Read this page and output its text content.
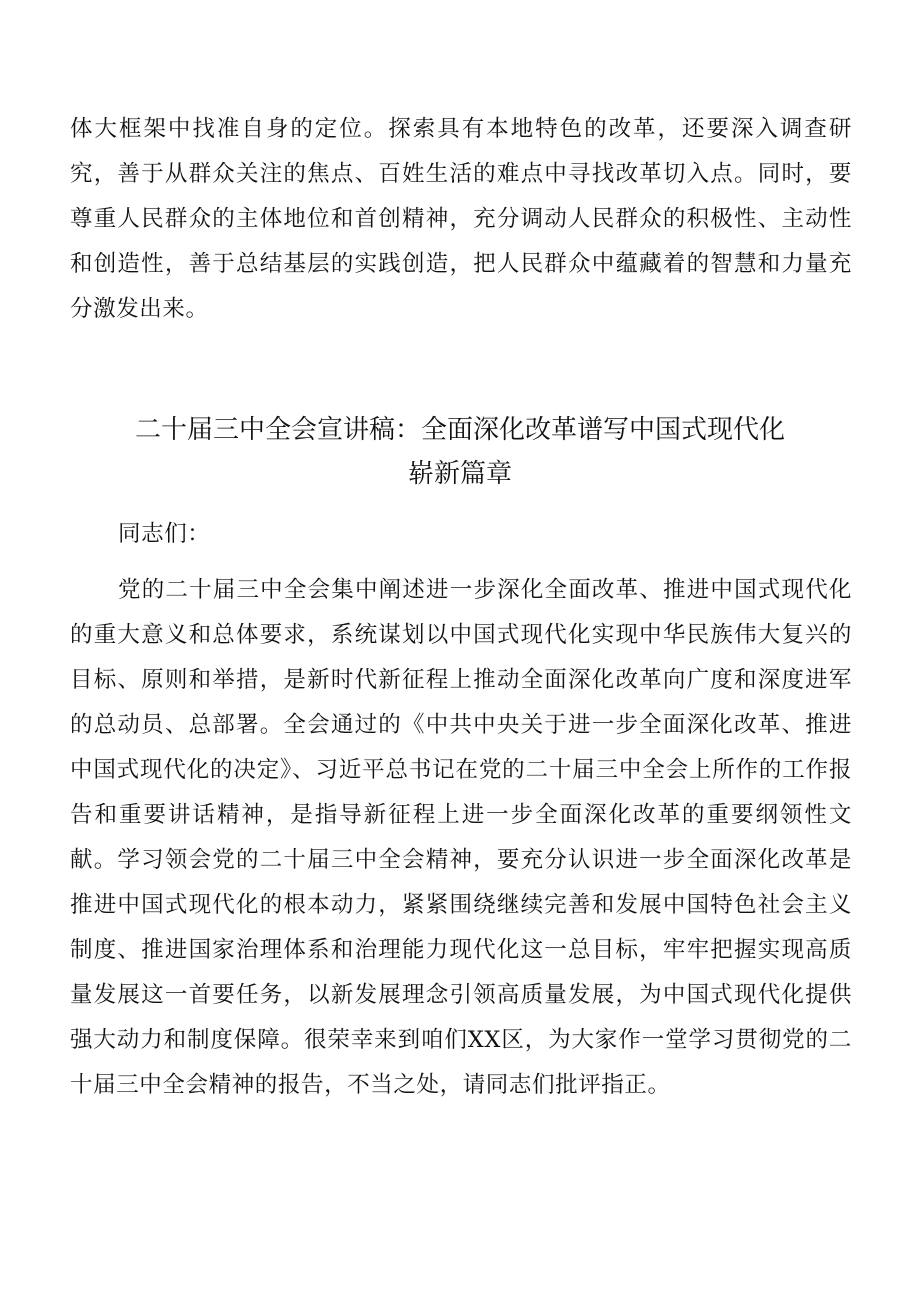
体大框架中找准自身的定位。探索具有本地特色的改革，还要深入调查研究，善于从群众关注的焦点、百姓生活的难点中寻找改革切入点。同时，要尊重人民群众的主体地位和首创精神，充分调动人民群众的积极性、主动性和创造性，善于总结基层的实践创造，把人民群众中蕴藏着的智慧和力量充分激发出来。

二十届三中全会宣讲稿：全面深化改革谱写中国式现代化
崭新篇章

同志们：

党的二十届三中全会集中阐述进一步深化全面改革、推进中国式现代化的重大意义和总体要求，系统谋划以中国式现代化实现中华民族伟大复兴的目标、原则和举措，是新时代新征程上推动全面深化改革向广度和深度进军的总动员、总部署。全会通过的《中共中央关于进一步全面深化改革、推进中国式现代化的决定》、习近平总书记在党的二十届三中全会上所作的工作报告和重要讲话精神，是指导新征程上进一步全面深化改革的重要纲领性文献。学习领会党的二十届三中全会精神，要充分认识进一步全面深化改革是推进中国式现代化的根本动力，紧紧围绕继续完善和发展中国特色社会主义制度、推进国家治理体系和治理能力现代化这一总目标，牢牢把握实现高质量发展这一首要任务，以新发展理念引领高质量发展，为中国式现代化提供强大动力和制度保障。很荣幸来到咱们XX区，为大家作一堂学习贯彻党的二十届三中全会精神的报告，不当之处，请同志们批评指正。
